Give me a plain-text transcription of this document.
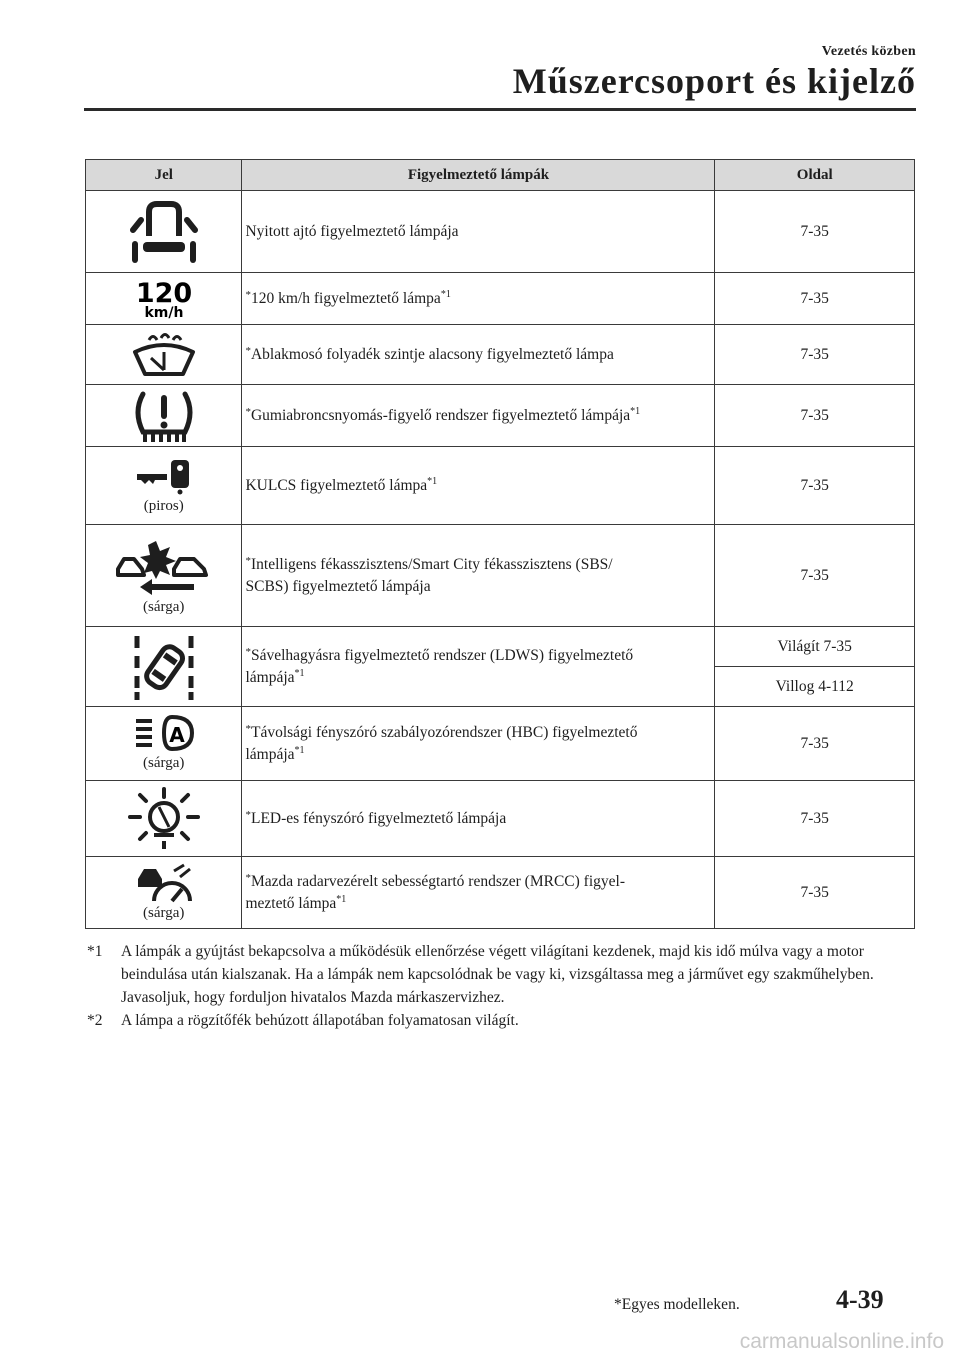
Vezetés közben
Műszercsoport és kijelző
Jel	Figyelmeztető lámpák	Oldal

	Nyitott ajtó figyelmeztető lámpája	7-35

120
km/h	*120 km/h figyelmeztető lámpa$^{*1}$	7-35

	*Ablakmosó folyadék szintje alacsony figyelmeztető lámpa	7-35

	*Gumiabroncsnyomás-figyelő rendszer figyelmeztető lámpája$^{*1}$	7-35

(piros)	KULCS figyelmeztető lámpa$^{*1}$	7-35

(sárga)	*Intelligens fékasszisztens/Smart City fékasszisztens (SBS/
SCBS) figyelmeztető lámpája	7-35

	*Sávelhagyásra figyelmeztető rendszer (LDWS) figyelmeztető
lámpája$^{*1}$	Világít 7-35
		Villog 4-112

A
(sárga)	*Távolsági fényszóró szabályozórendszer (HBC) figyelmeztető
lámpája$^{*1}$	7-35

	*LED-es fényszóró figyelmeztető lámpája	7-35

(sárga)	*Mazda radarvezérelt sebességtartó rendszer (MRCC) figyel-
meztető lámpa$^{*1}$	7-35
*1 A lámpák a gyújtást bekapcsolva a működésük ellenőrzése végett világítani kezdenek, majd kis idő múlva vagy a motor beindulása után kialszanak. Ha a lámpák nem kapcsolódnak be vagy ki, vizsgáltassa meg a járművet egy szakműhelyben. Javasoljuk, hogy forduljon hivatalos Mazda márkaszervizhez.
*2 A lámpa a rögzítőfék behúzott állapotában folyamatosan világít.
*Egyes modelleken.	4-39
carmanualsonline.info
